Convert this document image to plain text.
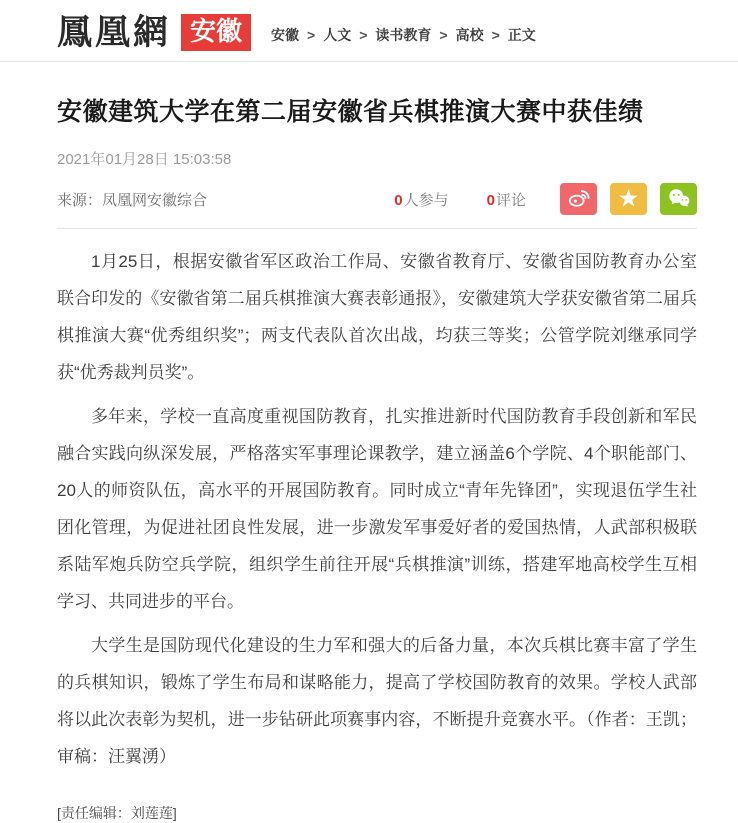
鳳凰網 安徽	安徽 > 人文 > 读书教育 > 高校 > 正文
安徽建筑大学在第二届安徽省兵棋推演大赛中获佳绩
2021年01月28日 15:03:58
来源：凤凰网安徽综合	0人参与	0评论	★

1月25日，根据安徽省军区政治工作局、安徽省教育厅、安徽省国防教育办公室联合印发的《安徽省第二届兵棋推演大赛表彰通报》，安徽建筑大学获安徽省第二届兵棋推演大赛“优秀组织奖”；两支代表队首次出战，均获三等奖；公管学院刘继承同学获“优秀裁判员奖”。

多年来，学校一直高度重视国防教育，扎实推进新时代国防教育手段创新和军民融合实践向纵深发展，严格落实军事理论课教学，建立涵盖6个学院、4个职能部门、20人的师资队伍，高水平的开展国防教育。同时成立“青年先锋团”，实现退伍学生社团化管理，为促进社团良性发展，进一步激发军事爱好者的爱国热情，人武部积极联系陆军炮兵防空兵学院，组织学生前往开展“兵棋推演”训练，搭建军地高校学生互相学习、共同进步的平台。

大学生是国防现代化建设的生力军和强大的后备力量，本次兵棋比赛丰富了学生的兵棋知识，锻炼了学生布局和谋略能力，提高了学校国防教育的效果。学校人武部将以此次表彰为契机，进一步钻研此项赛事内容，不断提升竞赛水平。（作者：王凯；审稿：汪翼湧）

[责任编辑：刘莲莲]
